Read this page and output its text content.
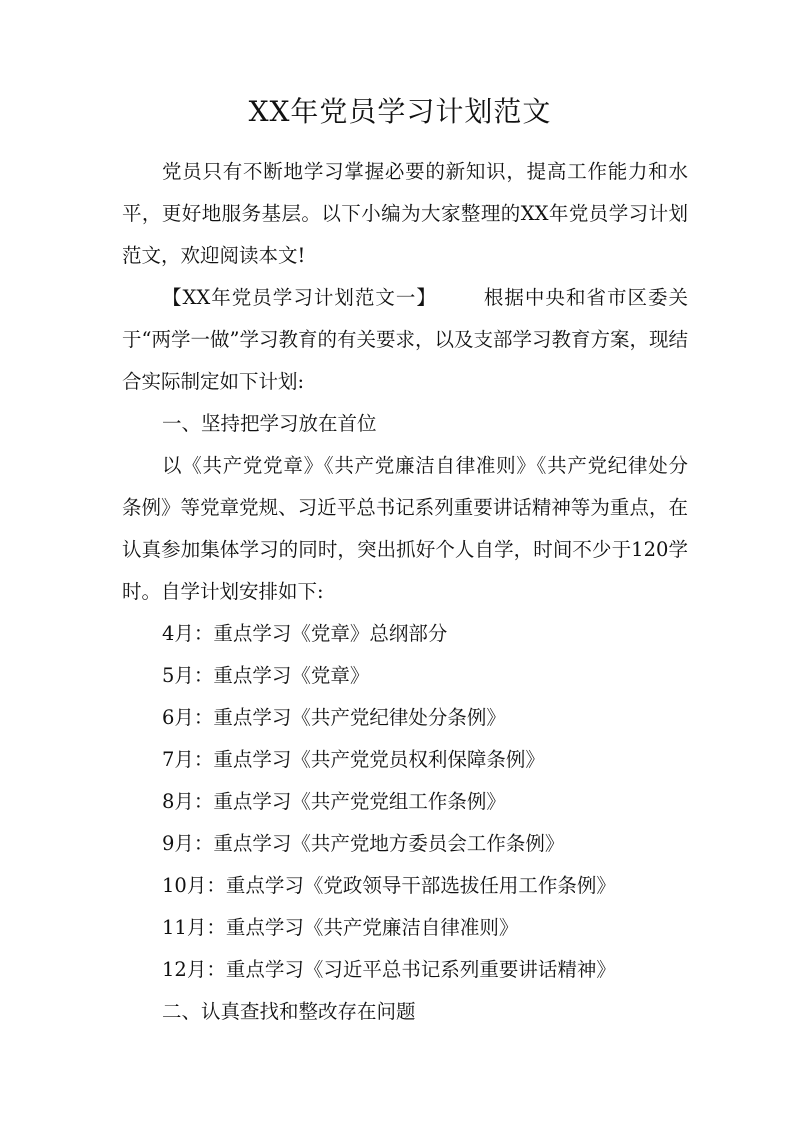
XX年党员学习计划范文

党员只有不断地学习掌握必要的新知识，提高工作能力和水平，更好地服务基层。以下小编为大家整理的XX年党员学习计划范文，欢迎阅读本文!

【XX年党员学习计划范文一】 根据中央和省市区委关于“两学一做”学习教育的有关要求，以及支部学习教育方案，现结合实际制定如下计划:

一、坚持把学习放在首位

以《共产党党章》《共产党廉洁自律准则》《共产党纪律处分条例》等党章党规、习近平总书记系列重要讲话精神等为重点，在认真参加集体学习的同时，突出抓好个人自学，时间不少于120学时。自学计划安排如下:

4月：重点学习《党章》总纲部分

5月：重点学习《党章》

6月：重点学习《共产党纪律处分条例》

7月：重点学习《共产党党员权利保障条例》

8月：重点学习《共产党党组工作条例》

9月：重点学习《共产党地方委员会工作条例》

10月：重点学习《党政领导干部选拔任用工作条例》

11月：重点学习《共产党廉洁自律准则》

12月：重点学习《习近平总书记系列重要讲话精神》

二、认真查找和整改存在问题
